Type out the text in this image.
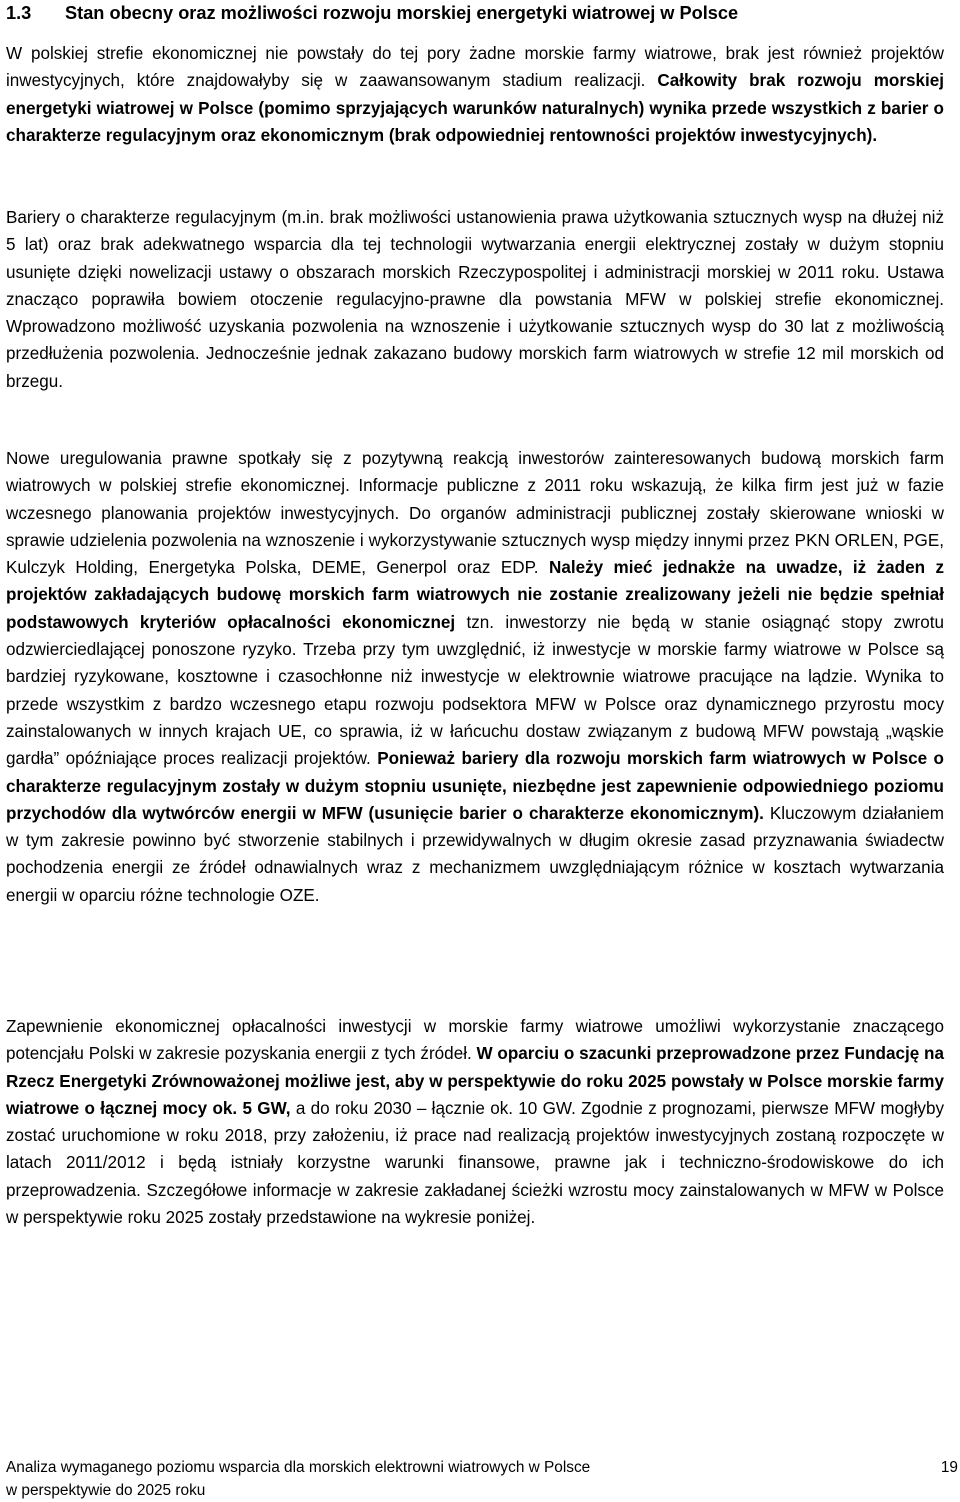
1.3 Stan obecny oraz możliwości rozwoju morskiej energetyki wiatrowej w Polsce

W polskiej strefie ekonomicznej nie powstały do tej pory żadne morskie farmy wiatrowe, brak jest również projektów inwestycyjnych, które znajdowałyby się w zaawansowanym stadium realizacji. Całkowity brak rozwoju morskiej energetyki wiatrowej w Polsce (pomimo sprzyjających warunków naturalnych) wynika przede wszystkich z barier o charakterze regulacyjnym oraz ekonomicznym (brak odpowiedniej rentowności projektów inwestycyjnych).

Bariery o charakterze regulacyjnym (m.in. brak możliwości ustanowienia prawa użytkowania sztucznych wysp na dłużej niż 5 lat) oraz brak adekwatnego wsparcia dla tej technologii wytwarzania energii elektrycznej zostały w dużym stopniu usunięte dzięki nowelizacji ustawy o obszarach morskich Rzeczypospolitej i administracji morskiej w 2011 roku. Ustawa znacząco poprawiła bowiem otoczenie regulacyjno-prawne dla powstania MFW w polskiej strefie ekonomicznej. Wprowadzono możliwość uzyskania pozwolenia na wznoszenie i użytkowanie sztucznych wysp do 30 lat z możliwością przedłużenia pozwolenia. Jednocześnie jednak zakazano budowy morskich farm wiatrowych w strefie 12 mil morskich od brzegu.

Nowe uregulowania prawne spotkały się z pozytywną reakcją inwestorów zainteresowanych budową morskich farm wiatrowych w polskiej strefie ekonomicznej. Informacje publiczne z 2011 roku wskazują, że kilka firm jest już w fazie wczesnego planowania projektów inwestycyjnych. Do organów administracji publicznej zostały skierowane wnioski w sprawie udzielenia pozwolenia na wznoszenie i wykorzystywanie sztucznych wysp między innymi przez PKN ORLEN, PGE, Kulczyk Holding, Energetyka Polska, DEME, Generpol oraz EDP. Należy mieć jednakże na uwadze, iż żaden z projektów zakładających budowę morskich farm wiatrowych nie zostanie zrealizowany jeżeli nie będzie spełniał podstawowych kryteriów opłacalności ekonomicznej tzn. inwestorzy nie będą w stanie osiągnąć stopy zwrotu odzwierciedlającej ponoszone ryzyko. Trzeba przy tym uwzględnić, iż inwestycje w morskie farmy wiatrowe w Polsce są bardziej ryzykowane, kosztowne i czasochłonne niż inwestycje w elektrownie wiatrowe pracujące na lądzie. Wynika to przede wszystkim z bardzo wczesnego etapu rozwoju podsektora MFW w Polsce oraz dynamicznego przyrostu mocy zainstalowanych w innych krajach UE, co sprawia, iż w łańcuchu dostaw związanym z budową MFW powstają „wąskie gardła” opóźniające proces realizacji projektów. Ponieważ bariery dla rozwoju morskich farm wiatrowych w Polsce o charakterze regulacyjnym zostały w dużym stopniu usunięte, niezbędne jest zapewnienie odpowiedniego poziomu przychodów dla wytwórców energii w MFW (usunięcie barier o charakterze ekonomicznym). Kluczowym działaniem w tym zakresie powinno być stworzenie stabilnych i przewidywalnych w długim okresie zasad przyznawania świadectw pochodzenia energii ze źródeł odnawialnych wraz z mechanizmem uwzględniającym różnice w kosztach wytwarzania energii w oparciu różne technologie OZE.

Zapewnienie ekonomicznej opłacalności inwestycji w morskie farmy wiatrowe umożliwi wykorzystanie znaczącego potencjału Polski w zakresie pozyskania energii z tych źródeł. W oparciu o szacunki przeprowadzone przez Fundację na Rzecz Energetyki Zrównoważonej możliwe jest, aby w perspektywie do roku 2025 powstały w Polsce morskie farmy wiatrowe o łącznej mocy ok. 5 GW, a do roku 2030 – łącznie ok. 10 GW. Zgodnie z prognozami, pierwsze MFW mogłyby zostać uruchomione w roku 2018, przy założeniu, iż prace nad realizacją projektów inwestycyjnych zostaną rozpoczęte w latach 2011/2012 i będą istniały korzystne warunki finansowe, prawne jak i techniczno-środowiskowe do ich przeprowadzenia. Szczegółowe informacje w zakresie zakładanej ścieżki wzrostu mocy zainstalowanych w MFW w Polsce w perspektywie roku 2025 zostały przedstawione na wykresie poniżej.

Analiza wymaganego poziomu wsparcia dla morskich elektrowni wiatrowych w Polsce
w perspektywie do 2025 roku
19
